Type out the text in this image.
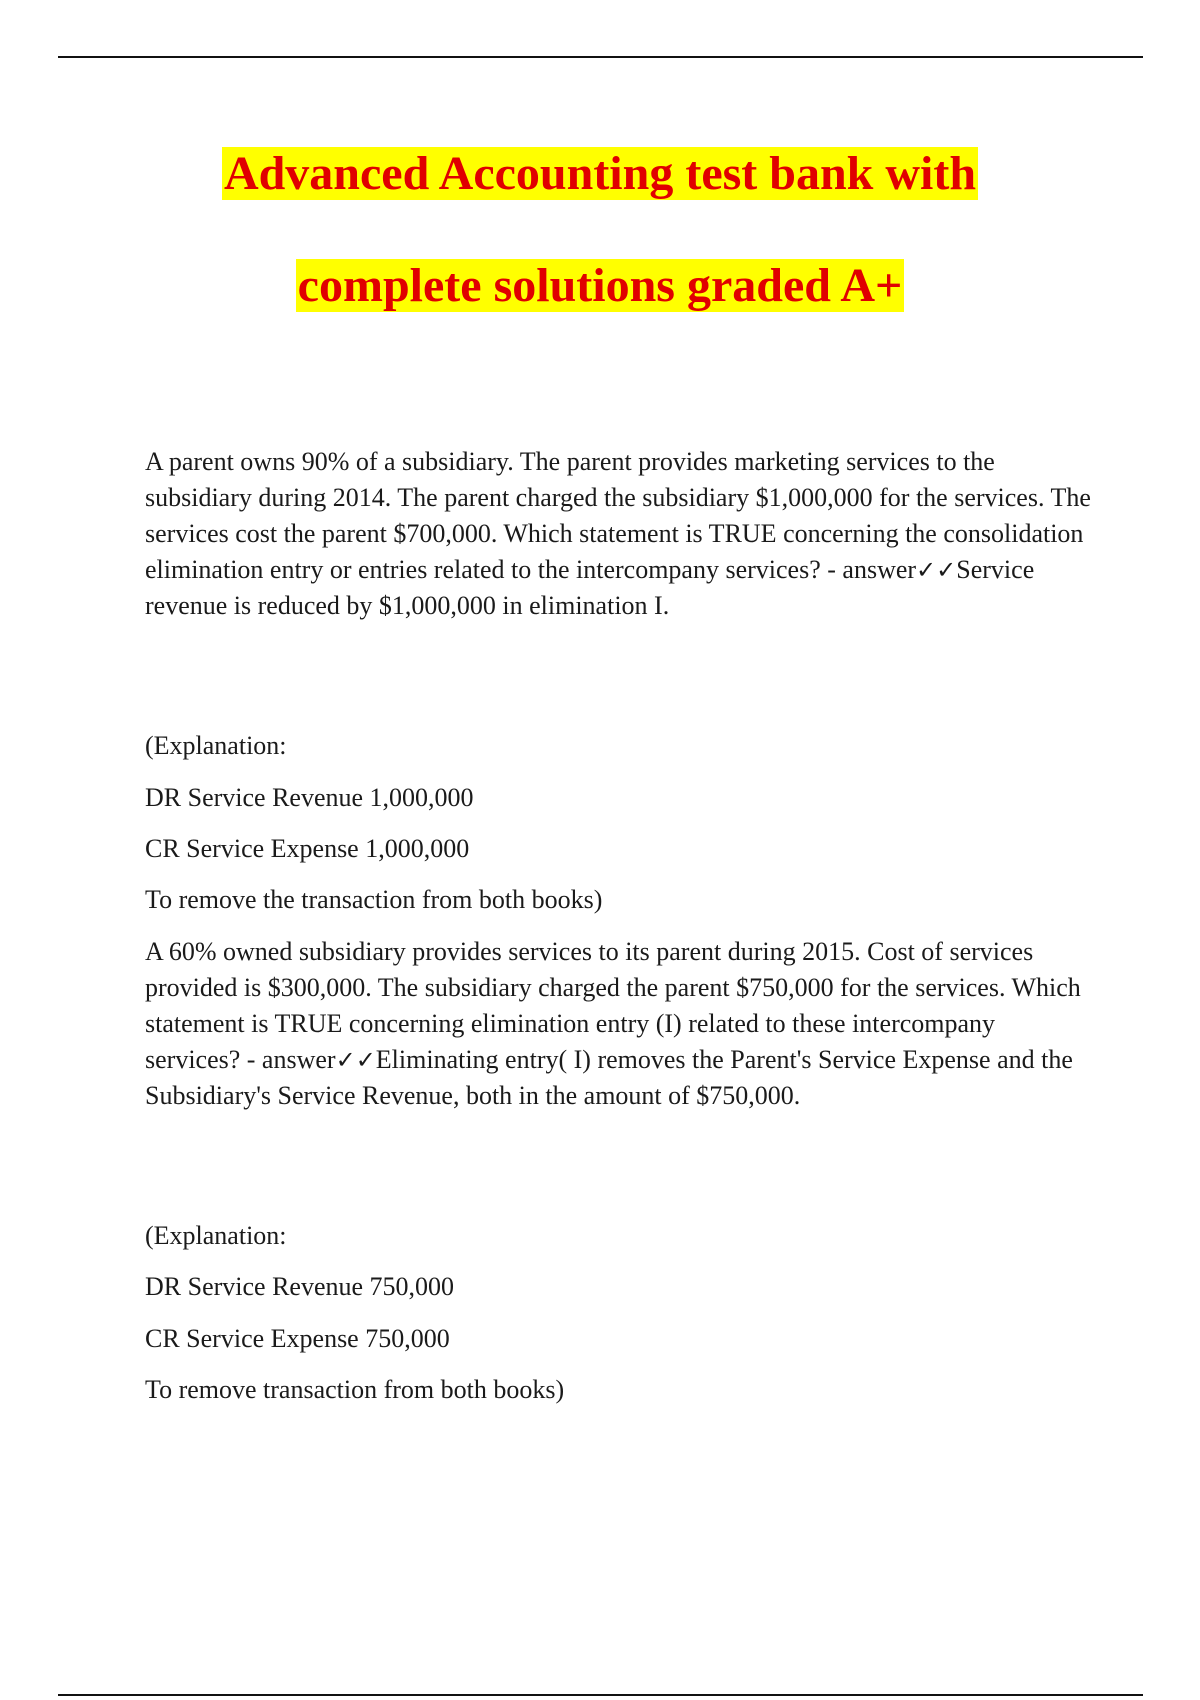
Advanced Accounting test bank with
complete solutions graded A+

A parent owns 90% of a subsidiary. The parent provides marketing services to the subsidiary during 2014. The parent charged the subsidiary $1,000,000 for the services. The services cost the parent $700,000. Which statement is TRUE concerning the consolidation elimination entry or entries related to the intercompany services? - answer✓✓Service revenue is reduced by $1,000,000 in elimination I.

(Explanation:

DR Service Revenue 1,000,000

CR Service Expense 1,000,000

To remove the transaction from both books)

A 60% owned subsidiary provides services to its parent during 2015. Cost of services provided is $300,000. The subsidiary charged the parent $750,000 for the services. Which statement is TRUE concerning elimination entry (I) related to these intercompany services? - answer✓✓Eliminating entry( I) removes the Parent's Service Expense and the Subsidiary's Service Revenue, both in the amount of $750,000.

(Explanation:

DR Service Revenue 750,000

CR Service Expense 750,000

To remove transaction from both books)
